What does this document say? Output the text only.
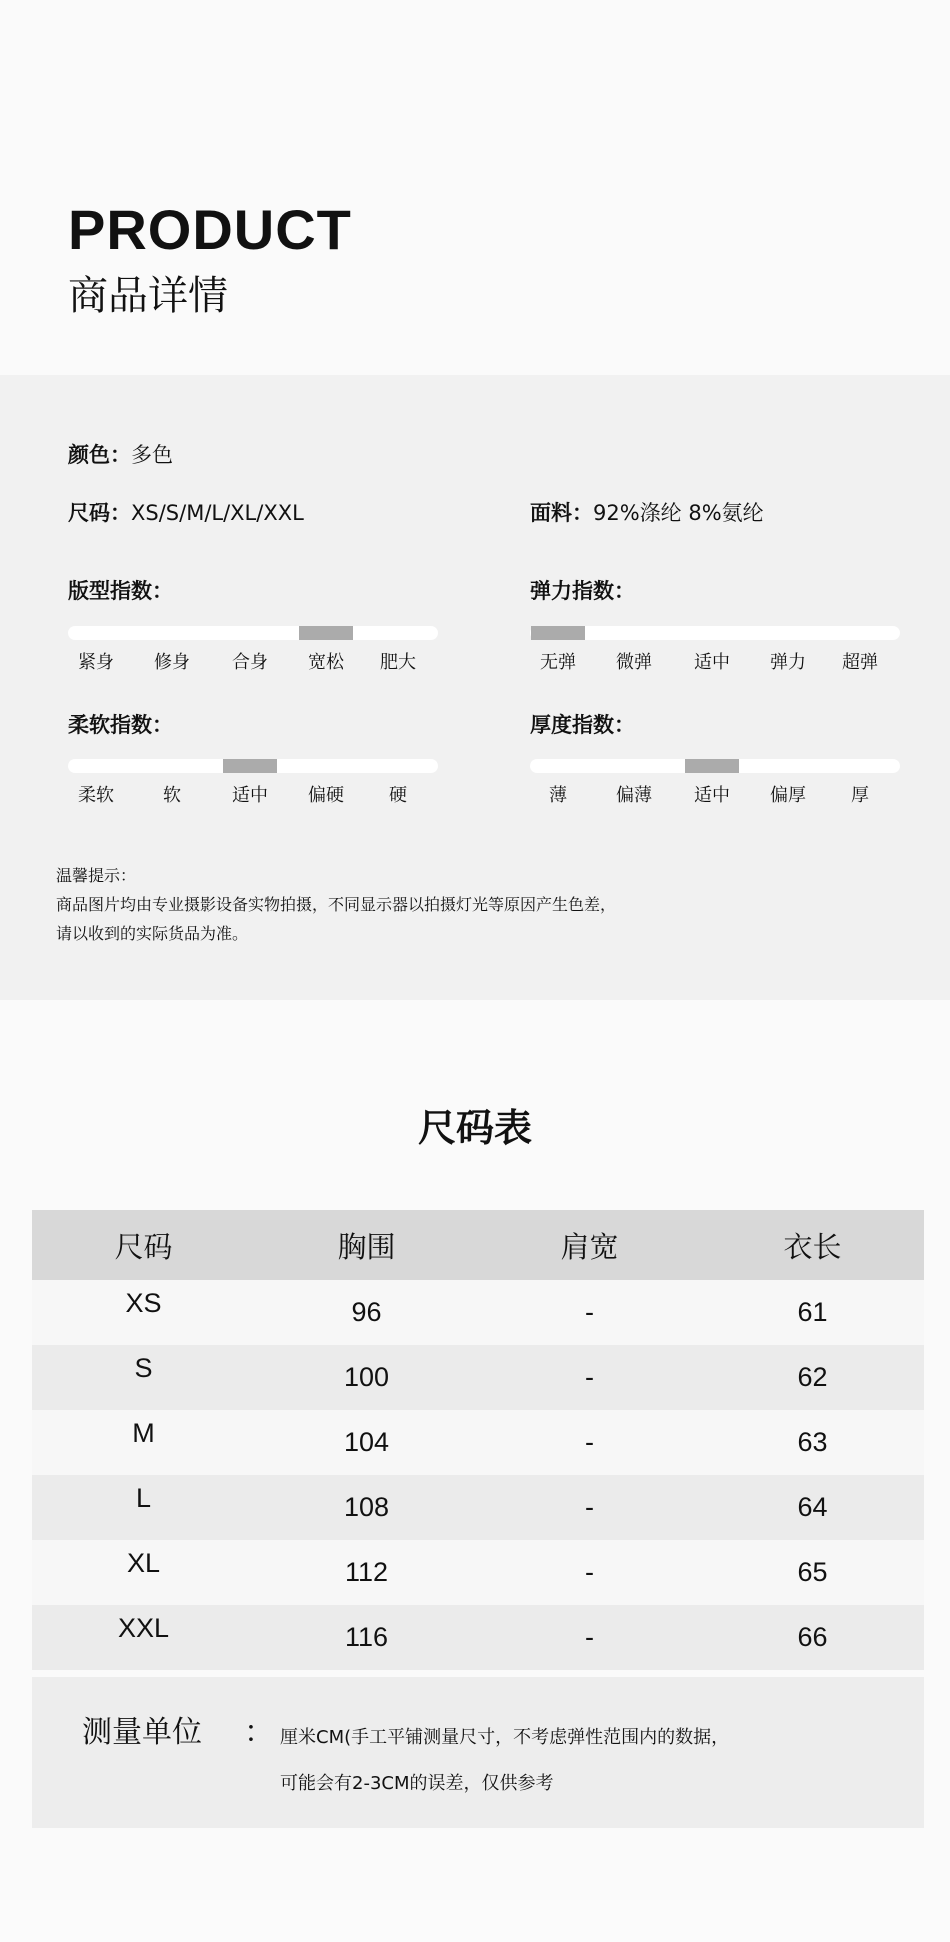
PRODUCT
商品详情
颜色：多色
尺码：XS/S/M/L/XL/XXL	面料：92%涤纶 8%氨纶
版型指数：
紧身	修身	合身	宽松	肥大
弹力指数：
无弹	微弹	适中	弹力	超弹
柔软指数：
柔软	软	适中	偏硬	硬
厚度指数：
薄	偏薄	适中	偏厚	厚
温馨提示：
商品图片均由专业摄影设备实物拍摄，不同显示器以拍摄灯光等原因产生色差，
请以收到的实际货品为准。
尺码表
尺码	胸围	肩宽	衣长
XS	96	-	61
S	100	-	62
M	104	-	63
L	108	-	64
XL	112	-	65
XXL	116	-	66
测量单位 ： 厘米CM(手工平铺测量尺寸，不考虑弹性范围内的数据，
可能会有2-3CM的误差，仅供参考
